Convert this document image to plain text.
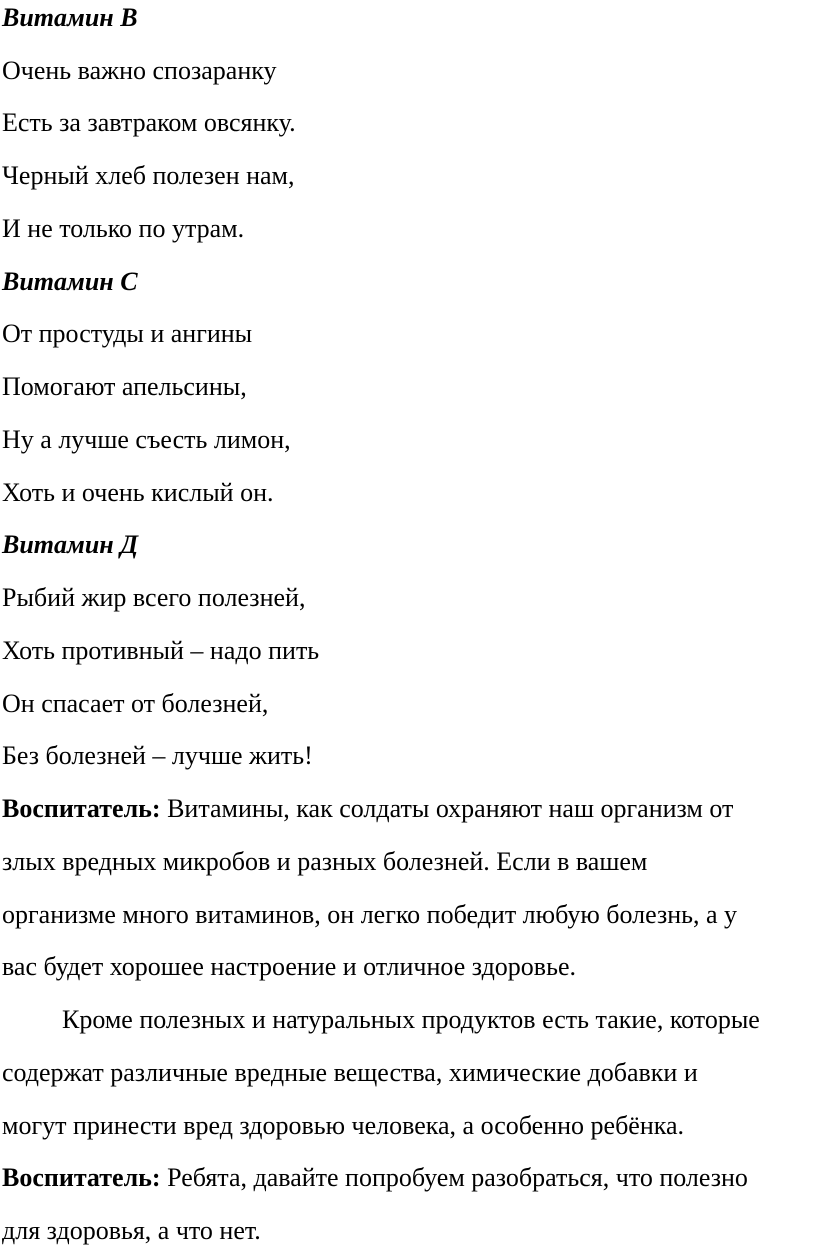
Витамин В
Очень важно спозаранку
Есть за завтраком овсянку.
Черный хлеб полезен нам,
И не только по утрам.
Витамин С
От простуды и ангины
Помогают апельсины,
Ну а лучше съесть лимон,
Хоть и очень кислый он.
Витамин Д
Рыбий жир всего полезней,
Хоть противный – надо пить
Он спасает от болезней,
Без болезней – лучше жить!
Воспитатель: Витамины, как солдаты охраняют наш организм от
злых вредных микробов и разных болезней. Если в вашем
организме много витаминов, он легко победит любую болезнь, а у
вас будет хорошее настроение и отличное здоровье.
Кроме полезных и натуральных продуктов есть такие, которые
содержат различные вредные вещества, химические добавки и
могут принести вред здоровью человека, а особенно ребёнка.
Воспитатель: Ребята, давайте попробуем разобраться, что полезно
для здоровья, а что нет.
